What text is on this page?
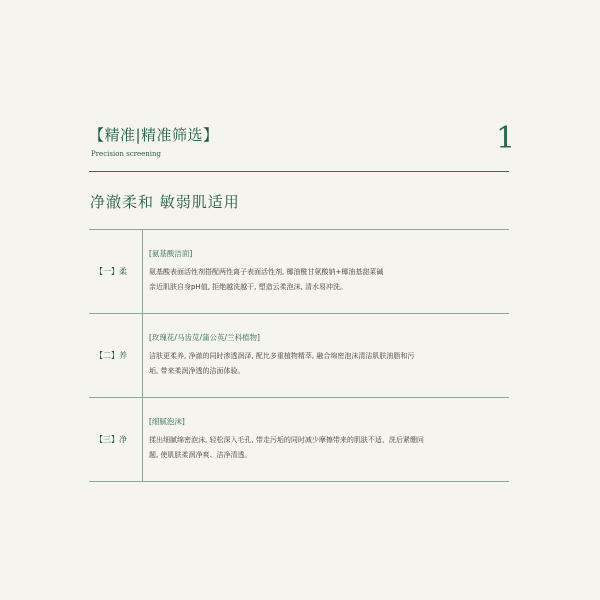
【精准|精准筛选】
Precision screening	1
净澈柔和 敏弱肌适用
【一】柔
[氨基酸洁面]
氨基酸表面活性剂搭配两性离子表面活性剂, 椰油酰甘氨酸钠+椰油基甜菜碱
亲近肌肤自身pH值, 拒绝越洗越干, 塑造云柔泡沫, 清水易冲洗。
【二】养
[玫瑰花/马齿苋/蒲公英/兰科植物]
洁肤更柔养, 净澈的同时渗透润泽, 配比多重植物精萃, 融合绵密泡沫清洁肌肤油脂和污
垢, 带来柔润净透的洁面体验。
【三】净
[细腻泡沫]
揉出细腻绵密泡沫, 轻松深入毛孔, 带走污垢的同时减少摩擦带来的肌肤不适、洗后紧绷问
题, 使肌肤柔润净爽、洁净清透。
